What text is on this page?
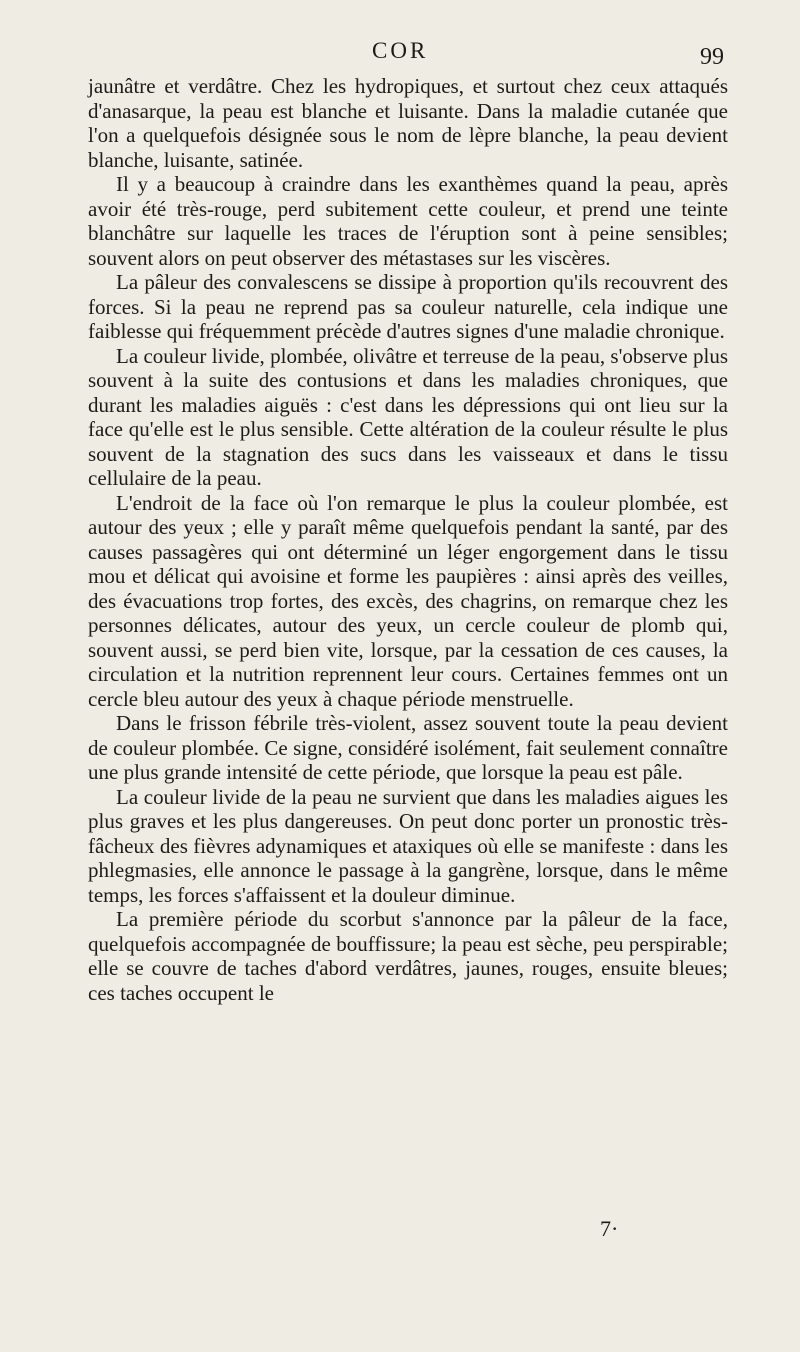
COR	99

jaunâtre et verdâtre. Chez les hydropiques, et surtout chez ceux attaqués d'anasarque, la peau est blanche et luisante. Dans la maladie cutanée que l'on a quelquefois désignée sous le nom de lèpre blanche, la peau devient blanche, luisante, satinée.

Il y a beaucoup à craindre dans les exanthèmes quand la peau, après avoir été très-rouge, perd subitement cette couleur, et prend une teinte blanchâtre sur laquelle les traces de l'éruption sont à peine sensibles; souvent alors on peut observer des métastases sur les viscères.

La pâleur des convalescens se dissipe à proportion qu'ils recouvrent des forces. Si la peau ne reprend pas sa couleur naturelle, cela indique une faiblesse qui fréquemment précède d'autres signes d'une maladie chronique.

La couleur livide, plombée, olivâtre et terreuse de la peau, s'observe plus souvent à la suite des contusions et dans les maladies chroniques, que durant les maladies aiguës : c'est dans les dépressions qui ont lieu sur la face qu'elle est le plus sensible. Cette altération de la couleur résulte le plus souvent de la stagnation des sucs dans les vaisseaux et dans le tissu cellulaire de la peau.

L'endroit de la face où l'on remarque le plus la couleur plombée, est autour des yeux ; elle y paraît même quelquefois pendant la santé, par des causes passagères qui ont déterminé un léger engorgement dans le tissu mou et délicat qui avoisine et forme les paupières : ainsi après des veilles, des évacuations trop fortes, des excès, des chagrins, on remarque chez les personnes délicates, autour des yeux, un cercle couleur de plomb qui, souvent aussi, se perd bien vite, lorsque, par la cessation de ces causes, la circulation et la nutrition reprennent leur cours. Certaines femmes ont un cercle bleu autour des yeux à chaque période menstruelle.

Dans le frisson fébrile très-violent, assez souvent toute la peau devient de couleur plombée. Ce signe, considéré isolément, fait seulement connaître une plus grande intensité de cette période, que lorsque la peau est pâle.

La couleur livide de la peau ne survient que dans les maladies aigues les plus graves et les plus dangereuses. On peut donc porter un pronostic très-fâcheux des fièvres adynamiques et ataxiques où elle se manifeste : dans les phlegmasies, elle annonce le passage à la gangrène, lorsque, dans le même temps, les forces s'affaissent et la douleur diminue.

La première période du scorbut s'annonce par la pâleur de la face, quelquefois accompagnée de bouffissure; la peau est sèche, peu perspirable; elle se couvre de taches d'abord verdâtres, jaunes, rouges, ensuite bleues; ces taches occupent le

7·
